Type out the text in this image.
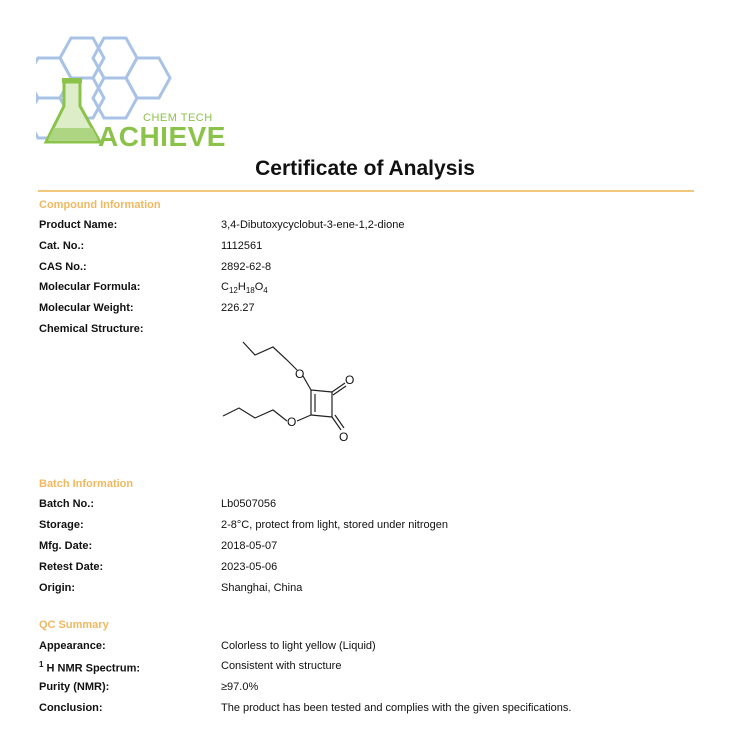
CHEM TECH
ACHIEVE
Certificate of Analysis
Compound Information
Product Name:	3,4-Dibutoxycyclobut-3-ene-1,2-dione
Cat. No.:	1112561
CAS No.:	2892-62-8
Molecular Formula:	$C_{12}H_{18}O_4$
Molecular Weight:	226.27
Chemical Structure:
O	O
O
O
Batch Information
Batch No.:	Lb0507056
Storage:	2-8°C, protect from light, stored under nitrogen
Mfg. Date:	2018-05-07
Retest Date:	2023-05-06
Origin:	Shanghai, China
QC Summary
Appearance:	Colorless to light yellow (Liquid)
$^1$ H NMR Spectrum:	Consistent with structure
Purity (NMR):	≥97.0%
Conclusion:	The product has been tested and complies with the given specifications.
